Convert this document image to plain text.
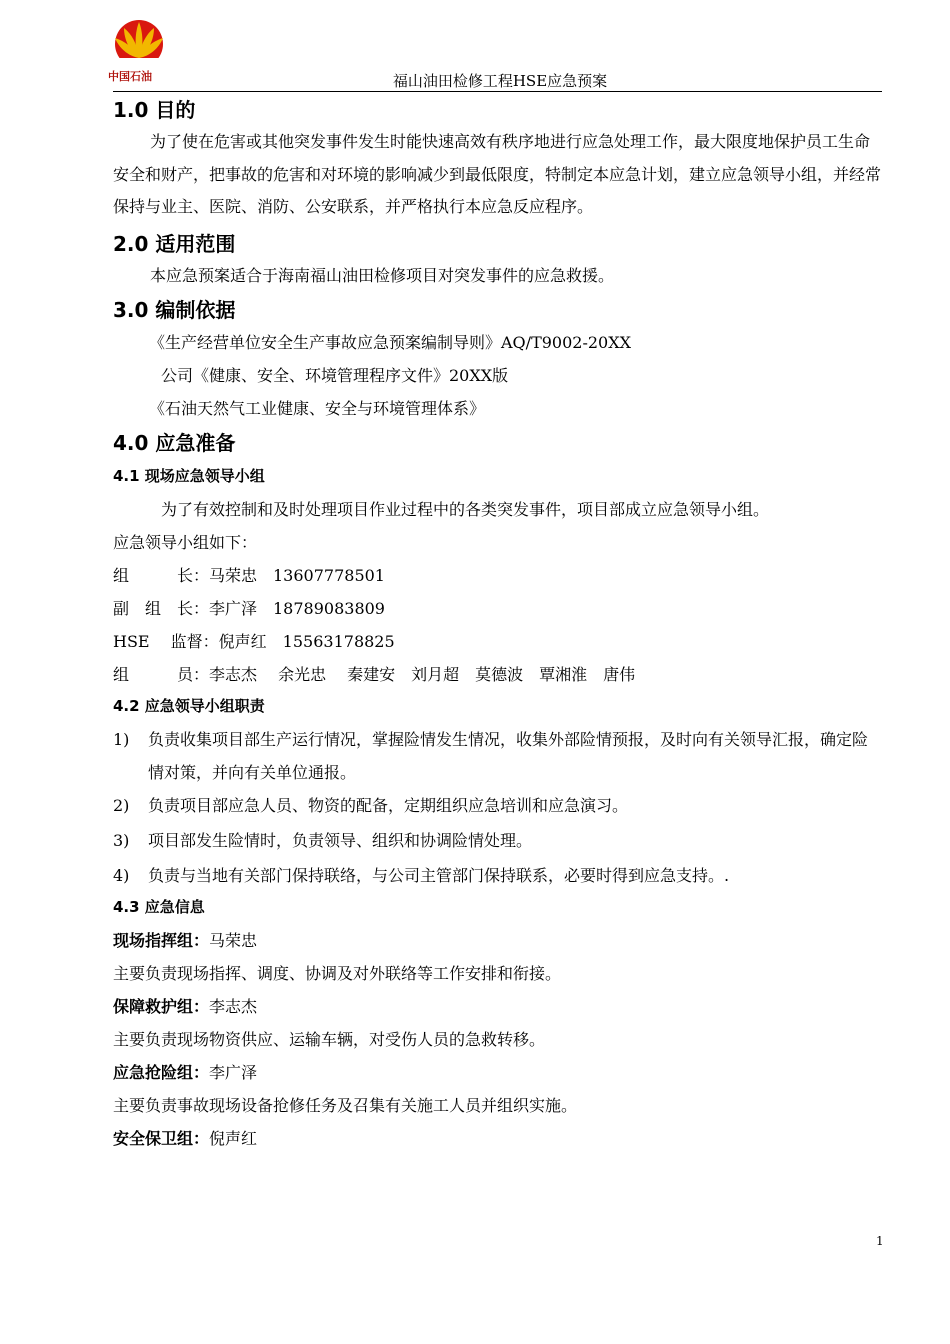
中国石油	福山油田检修工程HSE应急预案
1.0 目的

为了使在危害或其他突发事件发生时能快速高效有秩序地进行应急处理工作，最大限度地保护员工生命安全和财产，把事故的危害和对环境的影响减少到最低限度，特制定本应急计划，建立应急领导小组，并经常保持与业主、医院、消防、公安联系，并严格执行本应急反应程序。

2.0 适用范围

本应急预案适合于海南福山油田检修项目对突发事件的应急救援。

3.0 编制依据

《生产经营单位安全生产事故应急预案编制导则》AQ/T9002-20XX

公司《健康、安全、环境管理程序文件》20XX版

《石油天然气工业健康、安全与环境管理体系》

4.0 应急准备
4.1 现场应急领导小组

为了有效控制和及时处理项目作业过程中的各类突发事件，项目部成立应急领导小组。

应急领导小组如下：

组　　　长：马荣忠　13607778501

副　组　长：李广泽　18789083809

HSE　 监督：倪声红　15563178825

组　　　员：李志杰　 余光忠　 秦建安　刘月超　莫德波　覃湘淮　唐伟

4.2 应急领导小组职责
1)	负责收集项目部生产运行情况，掌握险情发生情况，收集外部险情预报，及时向有关领导汇报，确定险情对策，并向有关单位通报。
2)	负责项目部应急人员、物资的配备，定期组织应急培训和应急演习。
3)	项目部发生险情时，负责领导、组织和协调险情处理。
4)	负责与当地有关部门保持联络，与公司主管部门保持联系，必要时得到应急支持。.
4.3 应急信息

现场指挥组：马荣忠

主要负责现场指挥、调度、协调及对外联络等工作安排和衔接。

保障救护组：李志杰

主要负责现场物资供应、运输车辆，对受伤人员的急救转移。

应急抢险组：李广泽

主要负责事故现场设备抢修任务及召集有关施工人员并组织实施。

安全保卫组：倪声红

1
